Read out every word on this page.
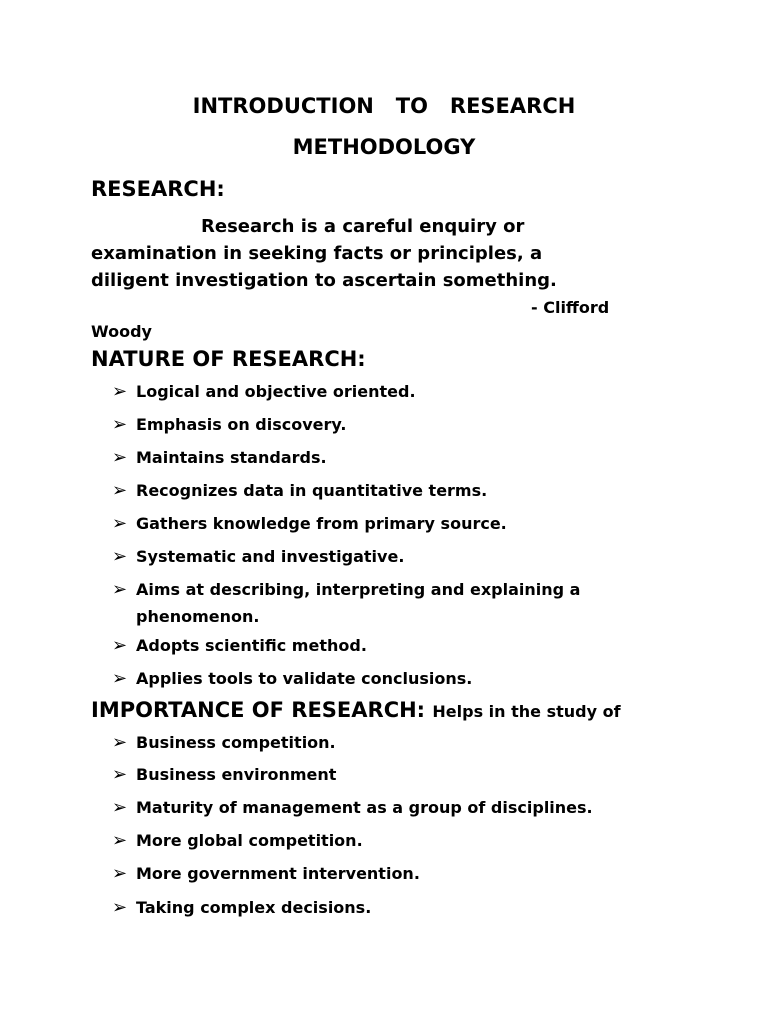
INTRODUCTION   TO   RESEARCH
METHODOLOGY
RESEARCH:
Research is a careful enquiry or
examination in seeking facts or principles, a
diligent investigation to ascertain something.
- Clifford
Woody
NATURE OF RESEARCH:
➢ Logical and objective oriented.
➢ Emphasis on discovery.
➢ Maintains standards.
➢ Recognizes data in quantitative terms.
➢ Gathers knowledge from primary source.
➢ Systematic and investigative.
➢ Aims at describing, interpreting and explaining a
phenomenon.
➢ Adopts scientific method.
➢ Applies tools to validate conclusions.
IMPORTANCE OF RESEARCH: Helps in the study of
➢ Business competition.
➢ Business environment
➢ Maturity of management as a group of disciplines.
➢ More global competition.
➢ More government intervention.
➢ Taking complex decisions.
